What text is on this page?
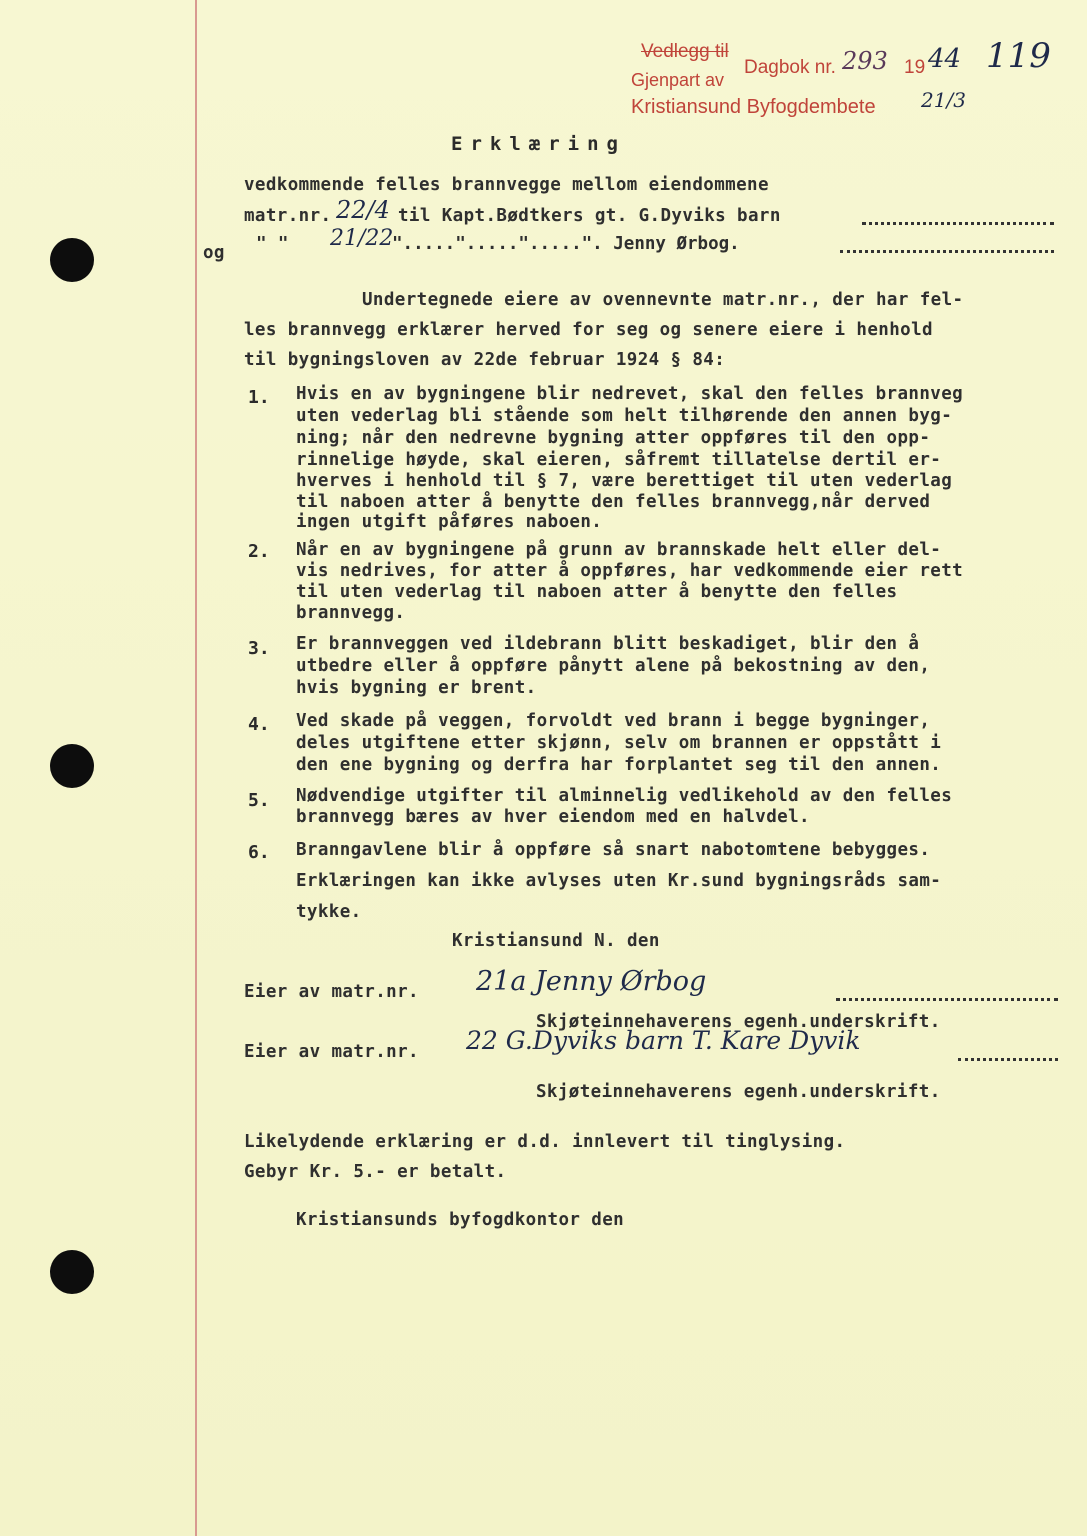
Vedlegg til
Gjenpart av
Dagbok nr. 293 19 44 119
Kristiansund Byfogdembete 21/3
Erklæring
vedkommende felles brannvegge mellom eiendommene
matr.nr. 22/4 til Kapt.Bødtkers gt. G.Dyviks barn
og " " 21/22
".....".....".....". Jenny Ørbog.
Undertegnede eiere av ovennevnte matr.nr., der har fel-
les brannvegg erklærer herved for seg og senere eiere i henhold
til bygningsloven av 22de februar 1924 § 84:
1. Hvis en av bygningene blir nedrevet, skal den felles brannveg
uten vederlag bli stående som helt tilhørende den annen byg-
ning; når den nedrevne bygning atter oppføres til den opp-
rinnelige høyde, skal eieren, såfremt tillatelse dertil er-
hverves i henhold til § 7, være berettiget til uten vederlag
til naboen atter å benytte den felles brannvegg,når derved
ingen utgift påføres naboen.
2. Når en av bygningene på grunn av brannskade helt eller del-
vis nedrives, for atter å oppføres, har vedkommende eier rett
til uten vederlag til naboen atter å benytte den felles
brannvegg.
3. Er brannveggen ved ildebrann blitt beskadiget, blir den å
utbedre eller å oppføre pånytt alene på bekostning av den,
hvis bygning er brent.
4. Ved skade på veggen, forvoldt ved brann i begge bygninger,
deles utgiftene etter skjønn, selv om brannen er oppstått i
den ene bygning og derfra har forplantet seg til den annen.
5. Nødvendige utgifter til alminnelig vedlikehold av den felles
brannvegg bæres av hver eiendom med en halvdel.
6. Branngavlene blir å oppføre så snart nabotomtene bebygges.
Erklæringen kan ikke avlyses uten Kr.sund bygningsråds sam-
tykke.
Kristiansund N. den
Eier av matr.nr. 21a Jenny Ørbog
Skjøteinnehaverens egenh.underskrift.
Eier av matr.nr. 22 G.Dyviks barn T. Kare Dyvik
Skjøteinnehaverens egenh.underskrift.
Likelydende erklæring er d.d. innlevert til tinglysing.
Gebyr Kr. 5.- er betalt.
Kristiansunds byfogdkontor den
